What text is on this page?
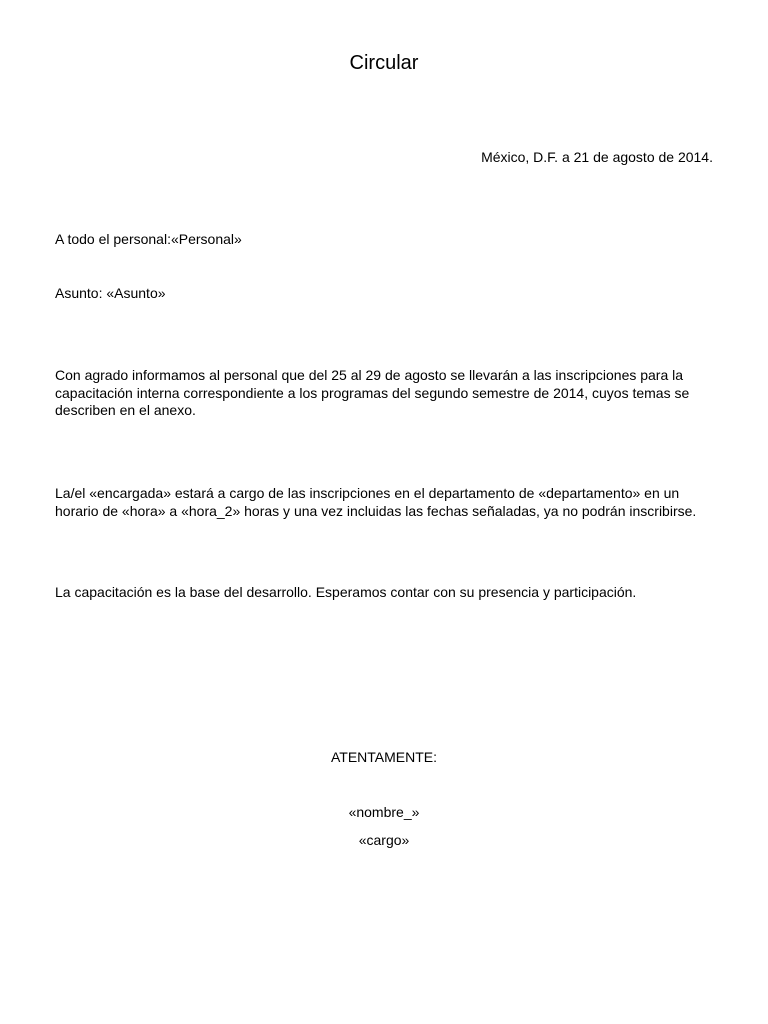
Circular
México, D.F. a 21 de agosto de 2014.
A todo el personal:«Personal»
Asunto: «Asunto»
Con agrado informamos al personal que del 25 al 29 de agosto se llevarán a las inscripciones para la capacitación interna correspondiente a los programas del segundo semestre de 2014, cuyos temas se describen en el anexo.
La/el «encargada» estará a cargo de las inscripciones en el departamento de «departamento» en un horario de «hora» a «hora_2» horas y una vez incluidas las fechas señaladas, ya no podrán inscribirse.
La capacitación es la base del desarrollo. Esperamos contar con su presencia y participación.
ATENTAMENTE:
«nombre_»
«cargo»
